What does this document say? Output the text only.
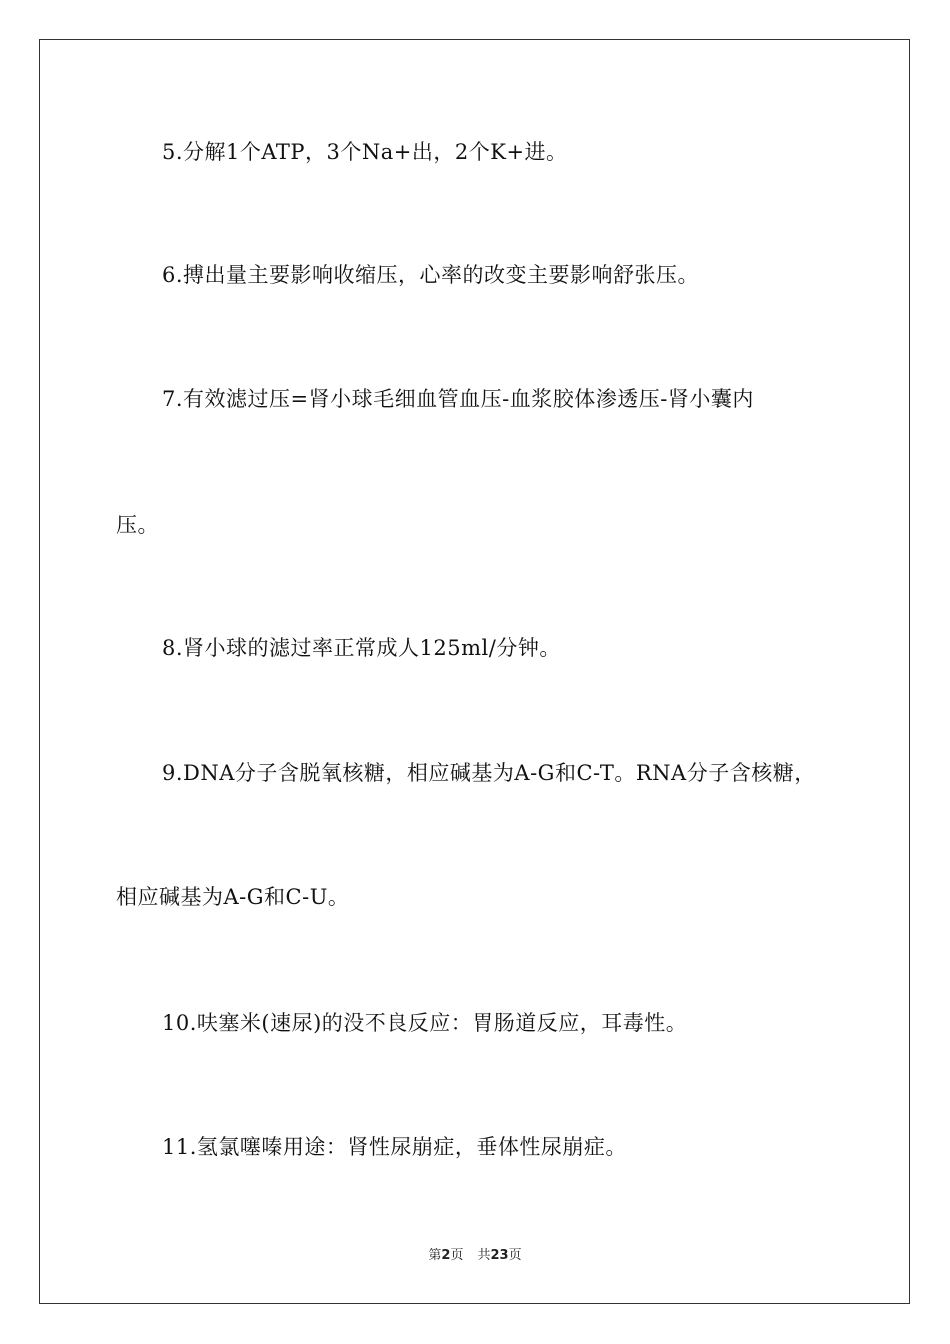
5.分解1个ATP，3个Na+出，2个K+进。
6.搏出量主要影响收缩压，心率的改变主要影响舒张压。
7.有效滤过压=肾小球毛细血管血压-血浆胶体渗透压-肾小囊内
压。
8.肾小球的滤过率正常成人125ml/分钟。
9.DNA分子含脱氧核糖，相应碱基为A-G和C-T。RNA分子含核糖，
相应碱基为A-G和C-U。
10.呋塞米(速尿)的没不良反应：胃肠道反应，耳毒性。
11.氢氯噻嗪用途：肾性尿崩症，垂体性尿崩症。
第2页 共23页
